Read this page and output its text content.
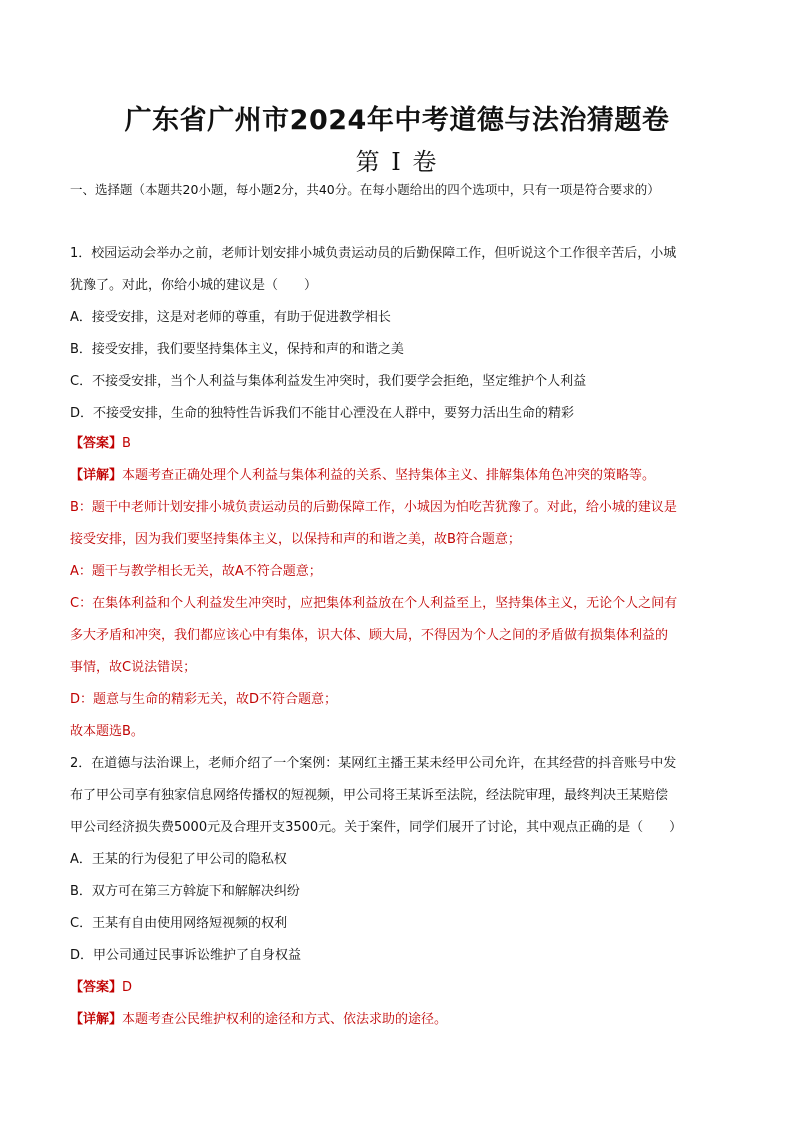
广东省广州市2024年中考道德与法治猜题卷
第 I 卷
一、选择题（本题共20小题，每小题2分，共40分。在每小题给出的四个选项中，只有一项是符合要求的）
1．校园运动会举办之前，老师计划安排小城负责运动员的后勤保障工作，但听说这个工作很辛苦后，小城
犹豫了。对此，你给小城的建议是（　　）
A．接受安排，这是对老师的尊重，有助于促进教学相长
B．接受安排，我们要坚持集体主义，保持和声的和谐之美
C．不接受安排，当个人利益与集体利益发生冲突时，我们要学会拒绝，坚定维护个人利益
D．不接受安排，生命的独特性告诉我们不能甘心湮没在人群中，要努力活出生命的精彩
【答案】B
【详解】本题考查正确处理个人利益与集体利益的关系、坚持集体主义、排解集体角色冲突的策略等。
B：题干中老师计划安排小城负责运动员的后勤保障工作，小城因为怕吃苦犹豫了。对此，给小城的建议是
接受安排，因为我们要坚持集体主义，以保持和声的和谐之美，故B符合题意；
A：题干与教学相长无关，故A不符合题意；
C：在集体利益和个人利益发生冲突时，应把集体利益放在个人利益至上，坚持集体主义，无论个人之间有
多大矛盾和冲突，我们都应该心中有集体，识大体、顾大局，不得因为个人之间的矛盾做有损集体利益的
事情，故C说法错误；
D：题意与生命的精彩无关，故D不符合题意；
故本题选B。
2．在道德与法治课上，老师介绍了一个案例：某网红主播王某未经甲公司允许，在其经营的抖音账号中发
布了甲公司享有独家信息网络传播权的短视频，甲公司将王某诉至法院，经法院审理，最终判决王某赔偿
甲公司经济损失费5000元及合理开支3500元。关于案件，同学们展开了讨论，其中观点正确的是（　　）
A．王某的行为侵犯了甲公司的隐私权
B．双方可在第三方斡旋下和解解决纠纷
C．王某有自由使用网络短视频的权利
D．甲公司通过民事诉讼维护了自身权益
【答案】D
【详解】本题考查公民维护权利的途径和方式、依法求助的途径。
